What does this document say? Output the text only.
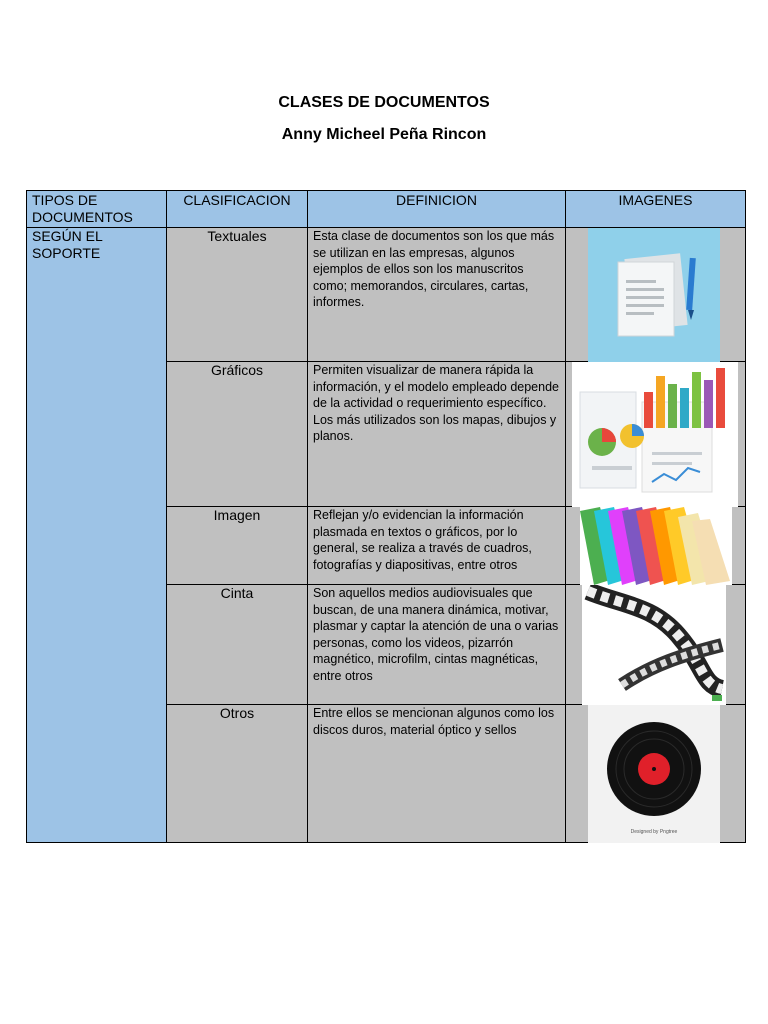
CLASES DE DOCUMENTOS
Anny Micheel Peña Rincon
TIPOS DE DOCUMENTOS	CLASIFICACION	DEFINICION	IMAGENES

SEGÚN EL SOPORTE	Textuales	Esta clase de documentos son los que más se utilizan en las empresas, algunos ejemplos de ellos son los manuscritos como; memorandos, circulares, cartas, informes.

	Gráficos	Permiten visualizar de manera rápida la información, y el modelo empleado depende de la actividad o requerimiento específico. Los más utilizados son los mapas, dibujos y planos.

	Imagen	Reflejan y/o evidencian la información plasmada en textos o gráficos, por lo general, se realiza a través de cuadros, fotografías y diapositivas, entre otros

	Cinta	Son aquellos medios audiovisuales que buscan, de una manera dinámica, motivar, plasmar y captar la atención de una o varias personas, como los videos, pizarrón magnético, microfilm, cintas magnéticas, entre otros

	Otros	Entre ellos se mencionan algunos como los discos duros, material óptico y sellos	Designed by Pngtree
